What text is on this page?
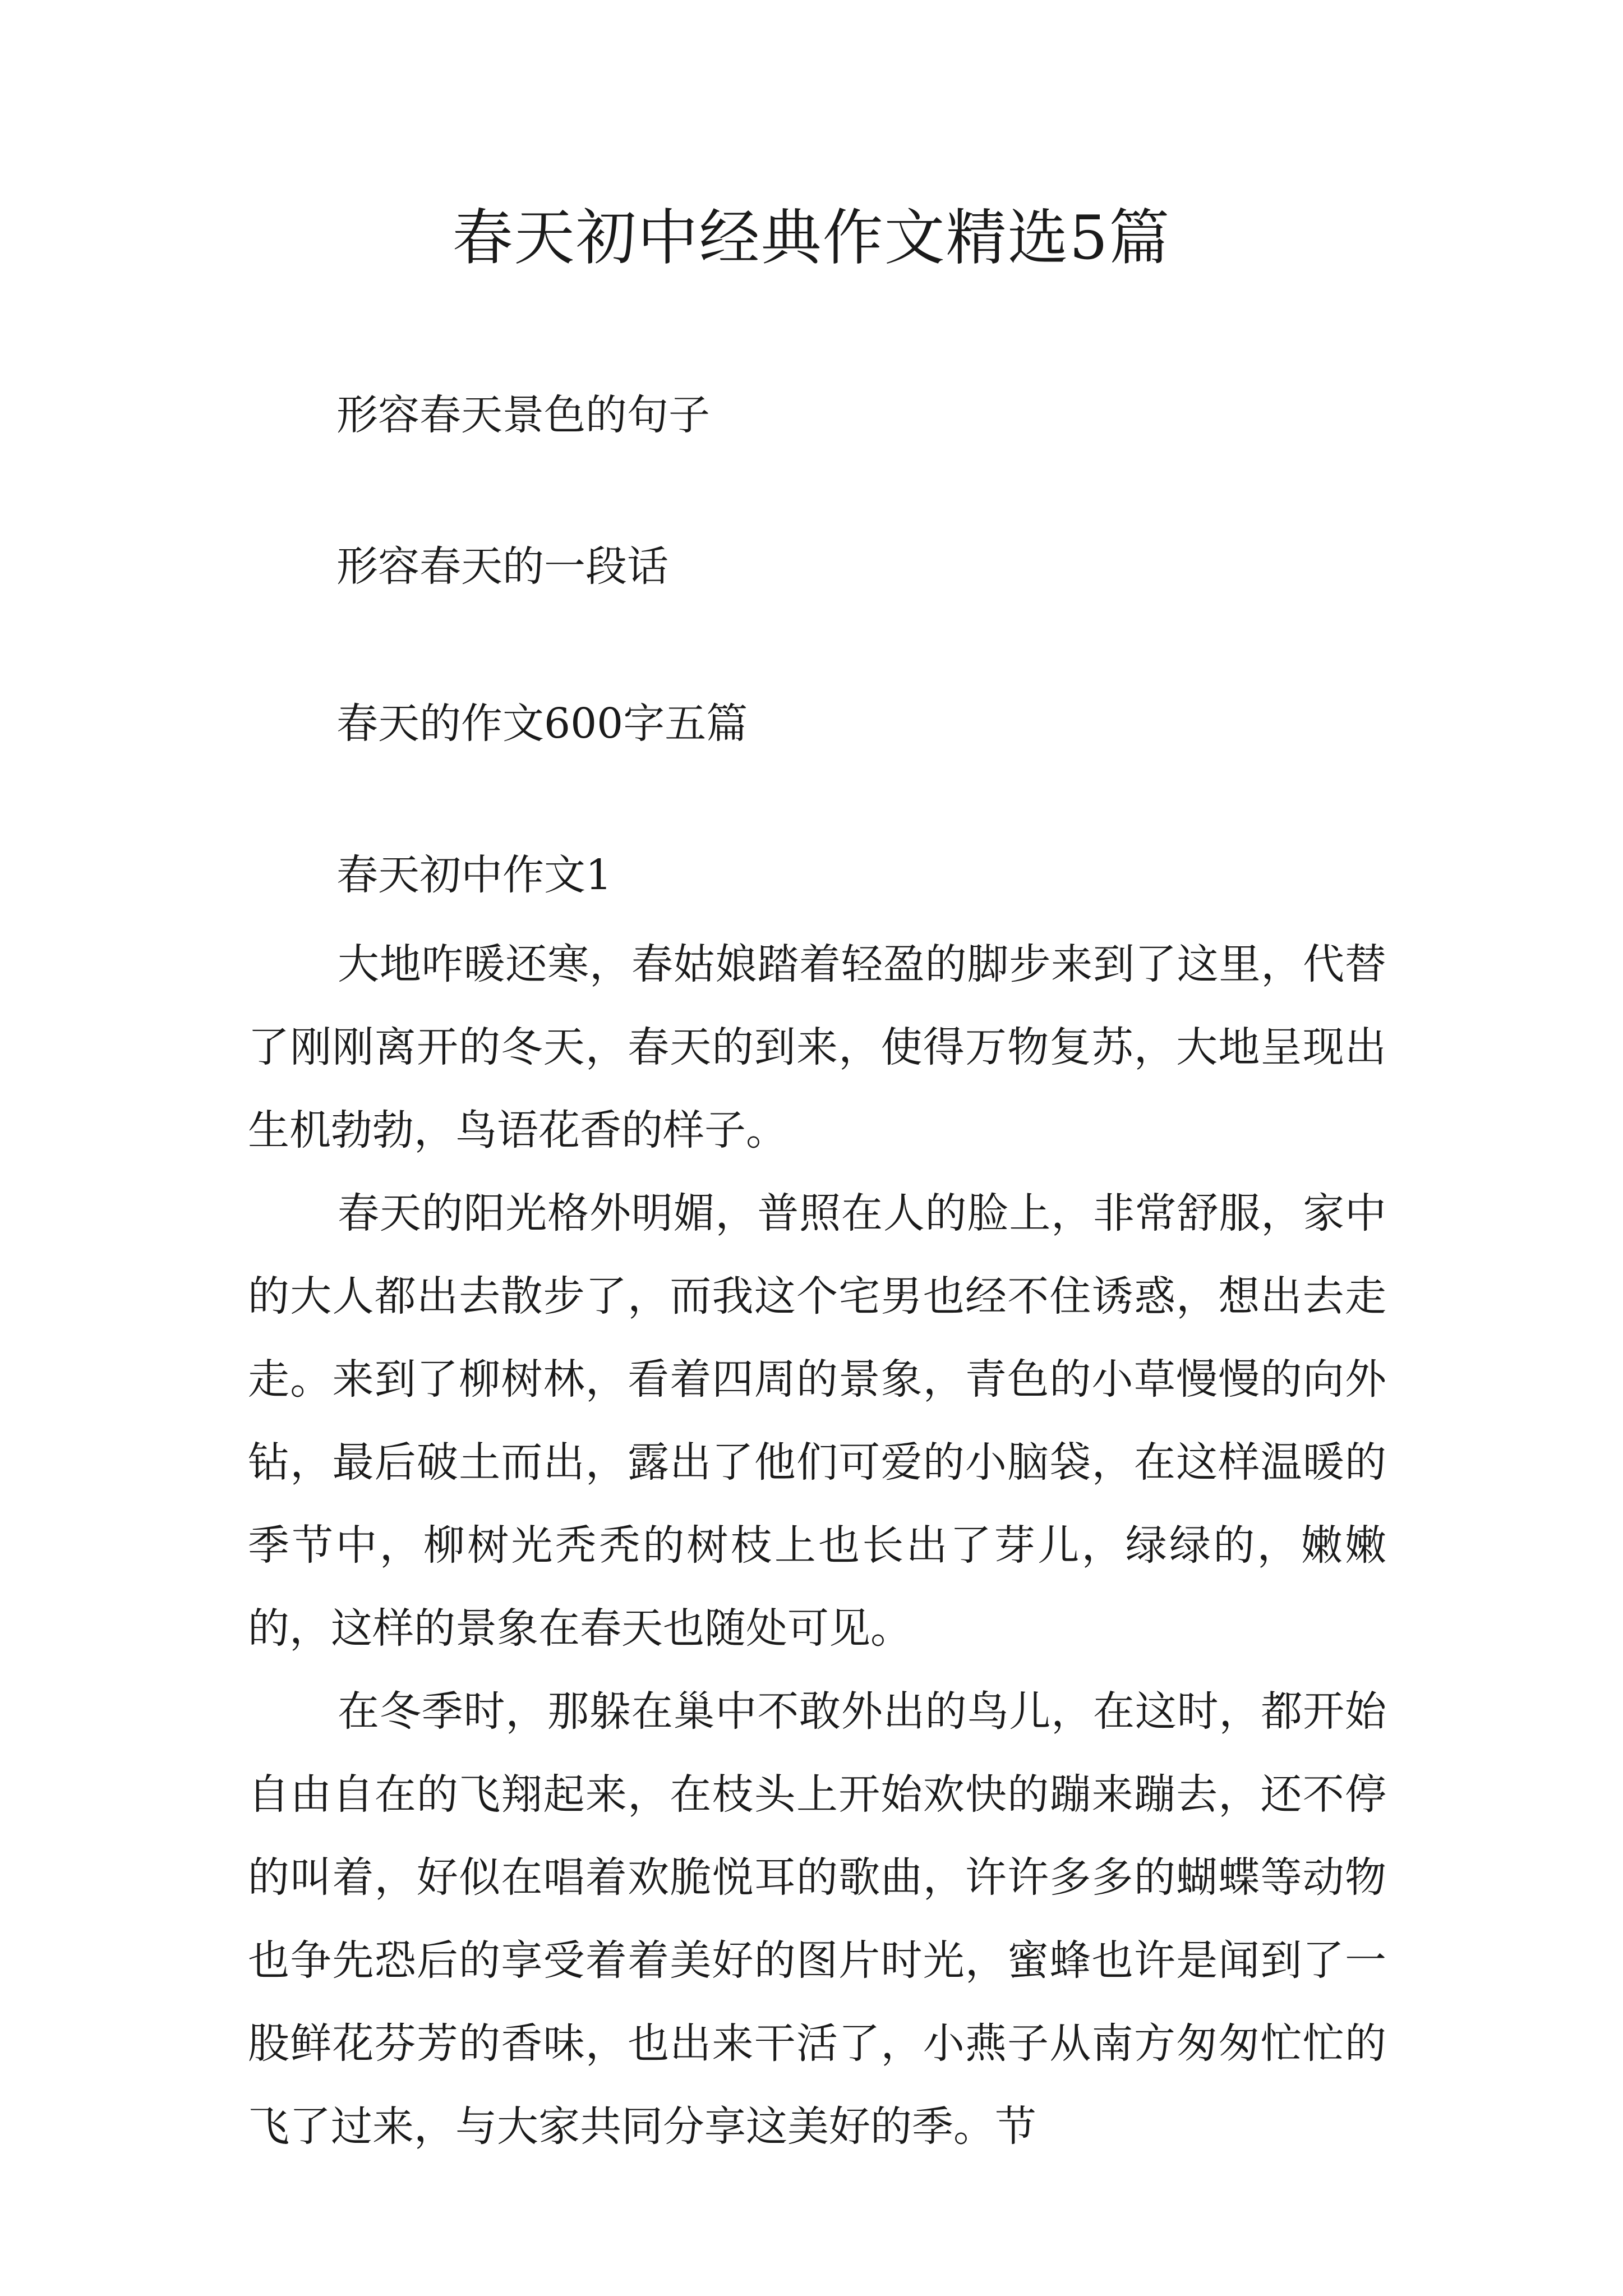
春天初中经典作文精选5篇

形容春天景色的句子

形容春天的一段话

春天的作文600字五篇

春天初中作文1

大地咋暖还寒，春姑娘踏着轻盈的脚步来到了这里，代替了刚刚离开的冬天，春天的到来，使得万物复苏，大地呈现出生机勃勃，鸟语花香的样子。

春天的阳光格外明媚，普照在人的脸上，非常舒服，家中的大人都出去散步了，而我这个宅男也经不住诱惑，想出去走走。来到了柳树林，看着四周的景象，青色的小草慢慢的向外钻，最后破土而出，露出了他们可爱的小脑袋，在这样温暖的季节中，柳树光秃秃的树枝上也长出了芽儿，绿绿的，嫩嫩的，这样的景象在春天也随处可见。

在冬季时，那躲在巢中不敢外出的鸟儿，在这时，都开始自由自在的飞翔起来，在枝头上开始欢快的蹦来蹦去，还不停的叫着，好似在唱着欢脆悦耳的歌曲，许许多多的蝴蝶等动物也争先恐后的享受着着美好的图片时光，蜜蜂也许是闻到了一股鲜花芬芳的香味，也出来干活了，小燕子从南方匆匆忙忙的飞了过来，与大家共同分享这美好的季。节
